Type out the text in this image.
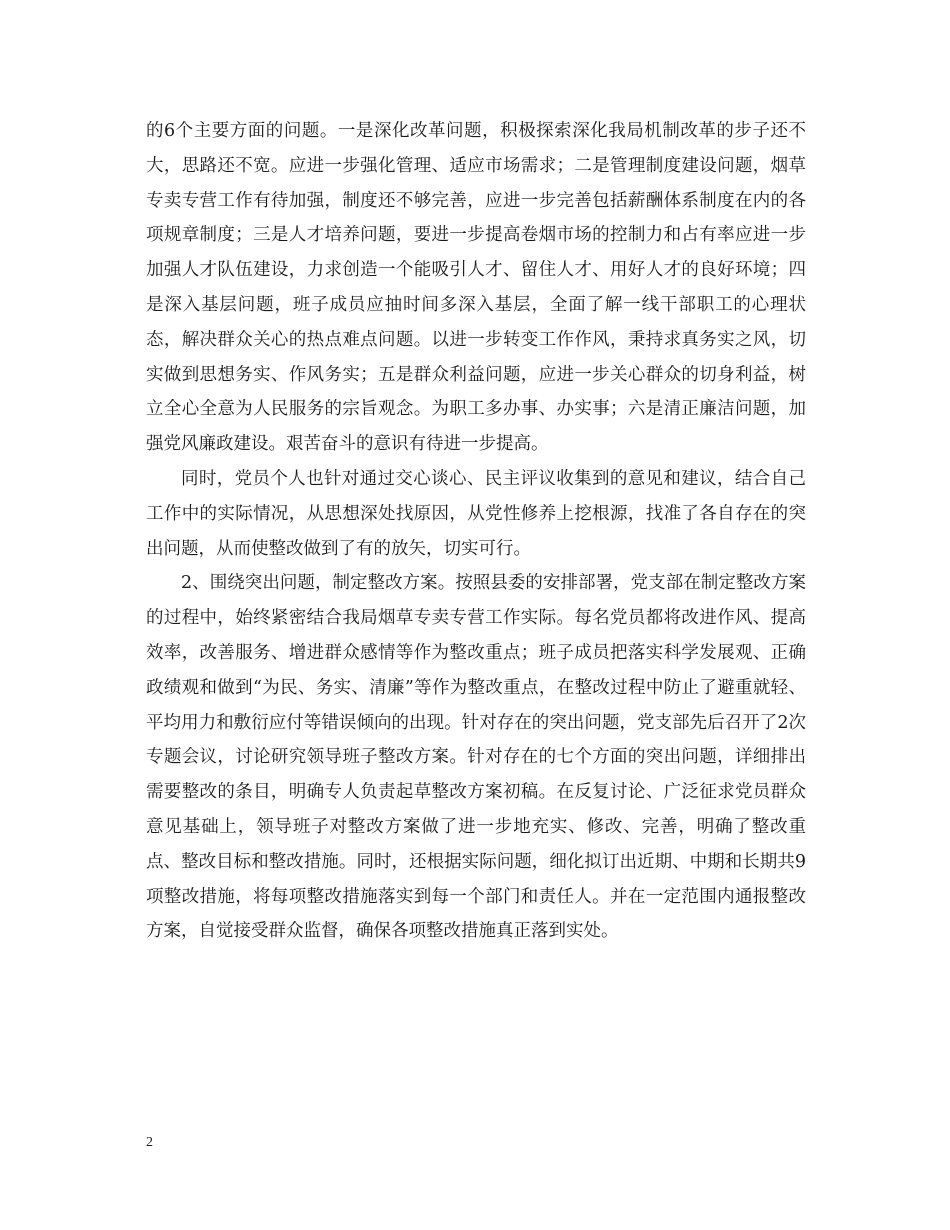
的6个主要方面的问题。一是深化改革问题，积极探索深化我局机制改革的步子还不大，思路还不宽。应进一步强化管理、适应市场需求；二是管理制度建设问题，烟草专卖专营工作有待加强，制度还不够完善，应进一步完善包括薪酬体系制度在内的各项规章制度；三是人才培养问题，要进一步提高卷烟市场的控制力和占有率应进一步加强人才队伍建设，力求创造一个能吸引人才、留住人才、用好人才的良好环境；四是深入基层问题，班子成员应抽时间多深入基层，全面了解一线干部职工的心理状态，解决群众关心的热点难点问题。以进一步转变工作作风，秉持求真务实之风，切实做到思想务实、作风务实；五是群众利益问题，应进一步关心群众的切身利益，树立全心全意为人民服务的宗旨观念。为职工多办事、办实事；六是清正廉洁问题，加强党风廉政建设。艰苦奋斗的意识有待进一步提高。

同时，党员个人也针对通过交心谈心、民主评议收集到的意见和建议，结合自己工作中的实际情况，从思想深处找原因，从党性修养上挖根源，找准了各自存在的突出问题，从而使整改做到了有的放矢，切实可行。

2、围绕突出问题，制定整改方案。按照县委的安排部署，党支部在制定整改方案的过程中，始终紧密结合我局烟草专卖专营工作实际。每名党员都将改进作风、提高效率，改善服务、增进群众感情等作为整改重点；班子成员把落实科学发展观、正确政绩观和做到“为民、务实、清廉”等作为整改重点，在整改过程中防止了避重就轻、平均用力和敷衍应付等错误倾向的出现。针对存在的突出问题，党支部先后召开了2次专题会议，讨论研究领导班子整改方案。针对存在的七个方面的突出问题，详细排出需要整改的条目，明确专人负责起草整改方案初稿。在反复讨论、广泛征求党员群众意见基础上，领导班子对整改方案做了进一步地充实、修改、完善，明确了整改重点、整改目标和整改措施。同时，还根据实际问题，细化拟订出近期、中期和长期共9项整改措施，将每项整改措施落实到每一个部门和责任人。并在一定范围内通报整改方案，自觉接受群众监督，确保各项整改措施真正落到实处。

2
